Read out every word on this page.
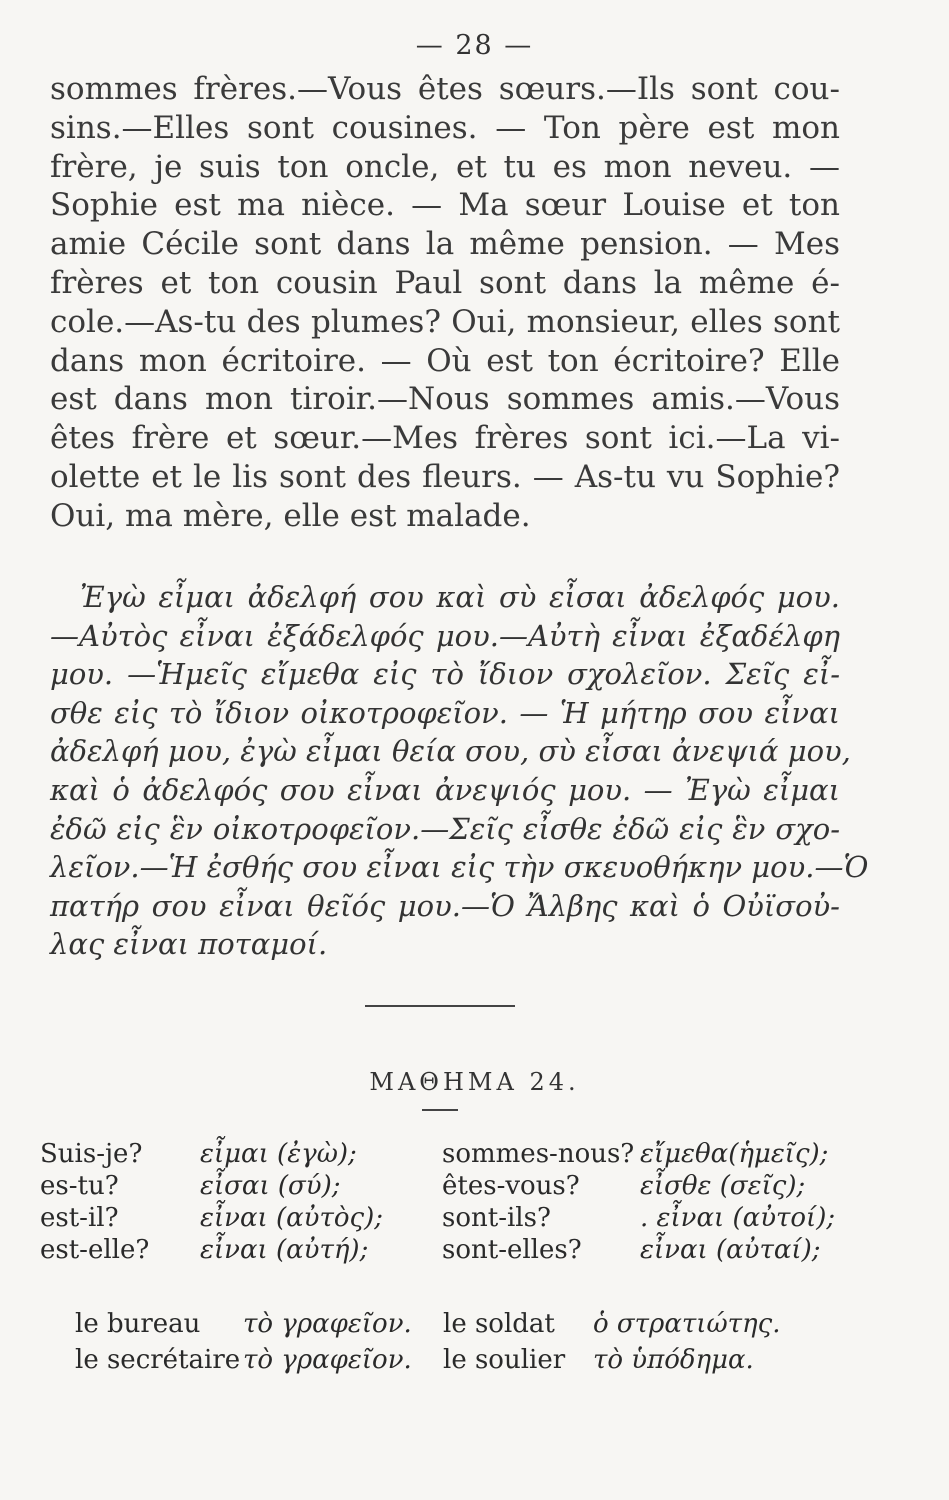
— 28 —
sommes frères.—Vous êtes sœurs.—Ils sont cou-
sins.—Elles sont cousines. — Ton père est mon
frère, je suis ton oncle, et tu es mon neveu. —
Sophie est ma nièce. — Ma sœur Louise et ton
amie Cécile sont dans la même pension. — Mes
frères et ton cousin Paul sont dans la même é-
cole.—As-tu des plumes? Oui, monsieur, elles sont
dans mon écritoire. — Où est ton écritoire? Elle
est dans mon tiroir.—Nous sommes amis.—Vous
êtes frère et sœur.—Mes frères sont ici.—La vi-
olette et le lis sont des fleurs. — As-tu vu Sophie?
Oui, ma mère, elle est malade.
Ἐγὼ εἶμαι ἀδελφή σου καὶ σὺ εἶσαι ἀδελφός μου.
—Αὐτὸς εἶναι ἐξάδελφός μου.—Αὐτὴ εἶναι ἐξαδέλφη
μου. —Ἡμεῖς εἴμεθα εἰς τὸ ἴδιον σχολεῖον. Σεῖς εἶ-
σθε εἰς τὸ ἴδιον οἰκοτροφεῖον. — Ἡ μήτηρ σου εἶναι
ἀδελφή μου, ἐγὼ εἶμαι θεία σου, σὺ εἶσαι ἀνεψιά μου,
καὶ ὁ ἀδελφός σου εἶναι ἀνεψιός μου. — Ἐγὼ εἶμαι
ἐδῶ εἰς ἓν οἰκοτροφεῖον.—Σεῖς εἶσθε ἐδῶ εἰς ἓν σχο-
λεῖον.—Ἡ ἐσθής σου εἶναι εἰς τὴν σκευοθήκην μου.—Ὁ
πατήρ σου εἶναι θεῖός μου.—Ὁ Ἄλβης καὶ ὁ Οὐϊσοὐ-
λας εἶναι ποταμοί.
ΜΑΘΗΜΑ 24.
Suis-je? εἶμαι (ἐγὼ);	sommes-nous? εἴμεθα(ἡμεῖς);
es-tu?	εἶσαι (σύ);	êtes-vous? εἶσθε (σεῖς);
est-il?	εἶναι (αὐτὸς); sont-ils?	. εἶναι (αὐτοί);
est-elle? εἶναι (αὐτή);	sont-elles? εἶναι (αὐταί);
le bureau τὸ γραφεῖον. le soldat ὁ στρατιώτης.
le secrétaire τὸ γραφεῖον. le soulier τὸ ὑπόδημα.
